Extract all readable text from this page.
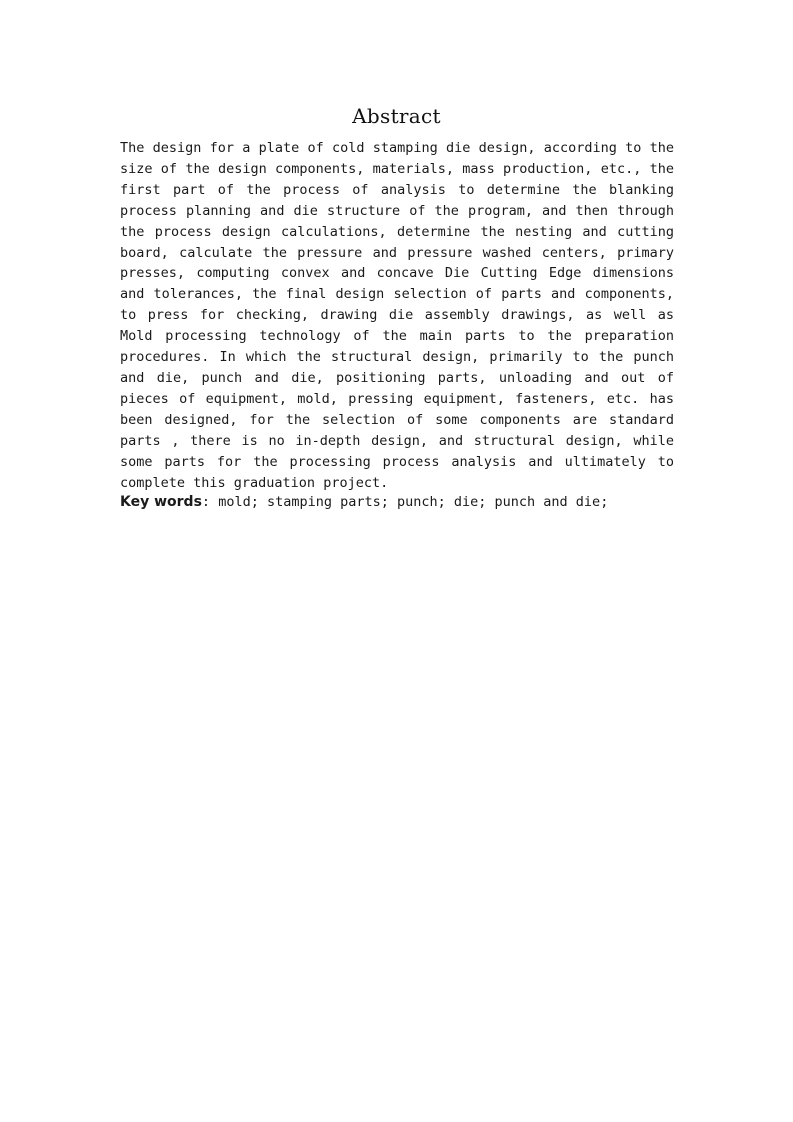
Abstract

The design for a plate of cold stamping die design, according to the size of the design components, materials, mass production, etc., the first part of the process of analysis to determine the blanking process planning and die structure of the program, and then through the process design calculations, determine the nesting and cutting board, calculate the pressure and pressure washed centers, primary presses, computing convex and concave Die Cutting Edge dimensions and tolerances, the final design selection of parts and components, to press for checking, drawing die assembly drawings, as well as Mold processing technology of the main parts to the preparation procedures. In which the structural design, primarily to the punch and die, punch and die, positioning parts, unloading and out of pieces of equipment, mold, pressing equipment, fasteners, etc. has been designed, for the selection of some components are standard parts , there is no in-depth design, and structural design, while some parts for the processing process analysis and ultimately to complete this graduation project.

Key words: mold; stamping parts; punch; die; punch and die;
